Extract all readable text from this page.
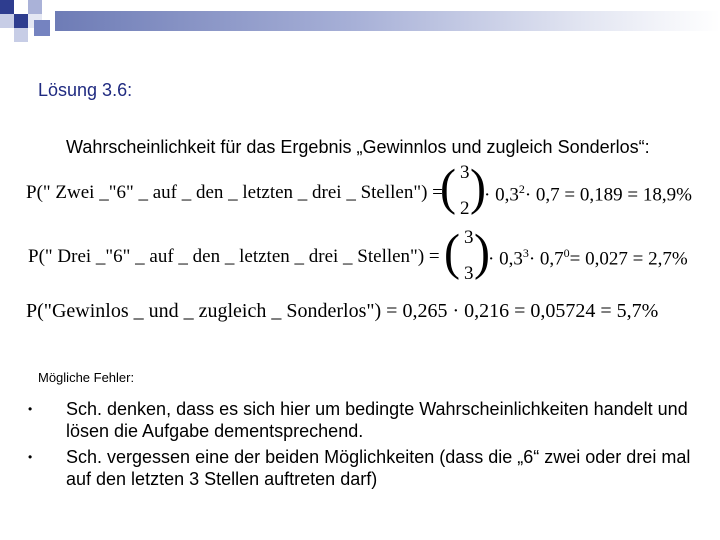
Lösung 3.6:
Wahrscheinlichkeit für das Ergebnis „Gewinnlos und zugleich Sonderlos“:
P(" Zwei _"6" _ auf _ den _ letzten _ drei _ Stellen") =
( 3
2 )
· $0,3^2\cdot 0,7 = 0,189 = 18,9\%$
P(" Drei _"6" _ auf _ den _ letzten _ drei _ Stellen") = ( 3
3 )
· $0,3^3\cdot 0,7^0= 0,027 = 2,7\%$
P("Gewinlos _ und _ zugleich _ Sonderlos") = 0,265 · 0,216 = 0,05724 = 5,7%
Mögliche Fehler:
• Sch. denken, dass es sich hier um bedingte Wahrscheinlichkeiten handelt und lösen die Aufgabe dementsprechend.
• Sch. vergessen eine der beiden Möglichkeiten (dass die „6“ zwei oder drei mal auf den letzten 3 Stellen auftreten darf)
